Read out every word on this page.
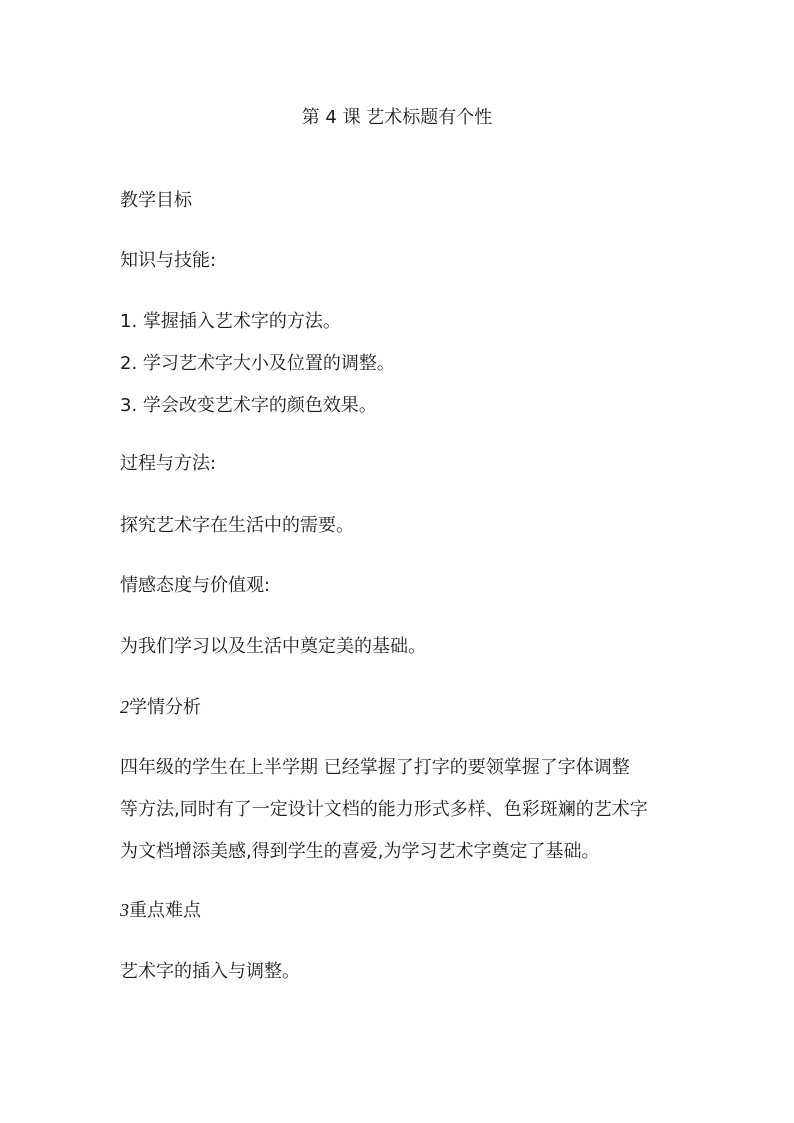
第 4 课 艺术标题有个性
教学目标
知识与技能:
1. 掌握插入艺术字的方法。
2. 学习艺术字大小及位置的调整。
3. 学会改变艺术字的颜色效果。
过程与方法:
探究艺术字在生活中的需要。
情感态度与价值观:
为我们学习以及生活中奠定美的基础。
2学情分析
四年级的学生在上半学期 已经掌握了打字的要领掌握了字体调整
等方法,同时有了一定设计文档的能力形式多样、色彩斑斓的艺术字
为文档增添美感,得到学生的喜爱,为学习艺术字奠定了基础。
3重点难点
艺术字的插入与调整。
